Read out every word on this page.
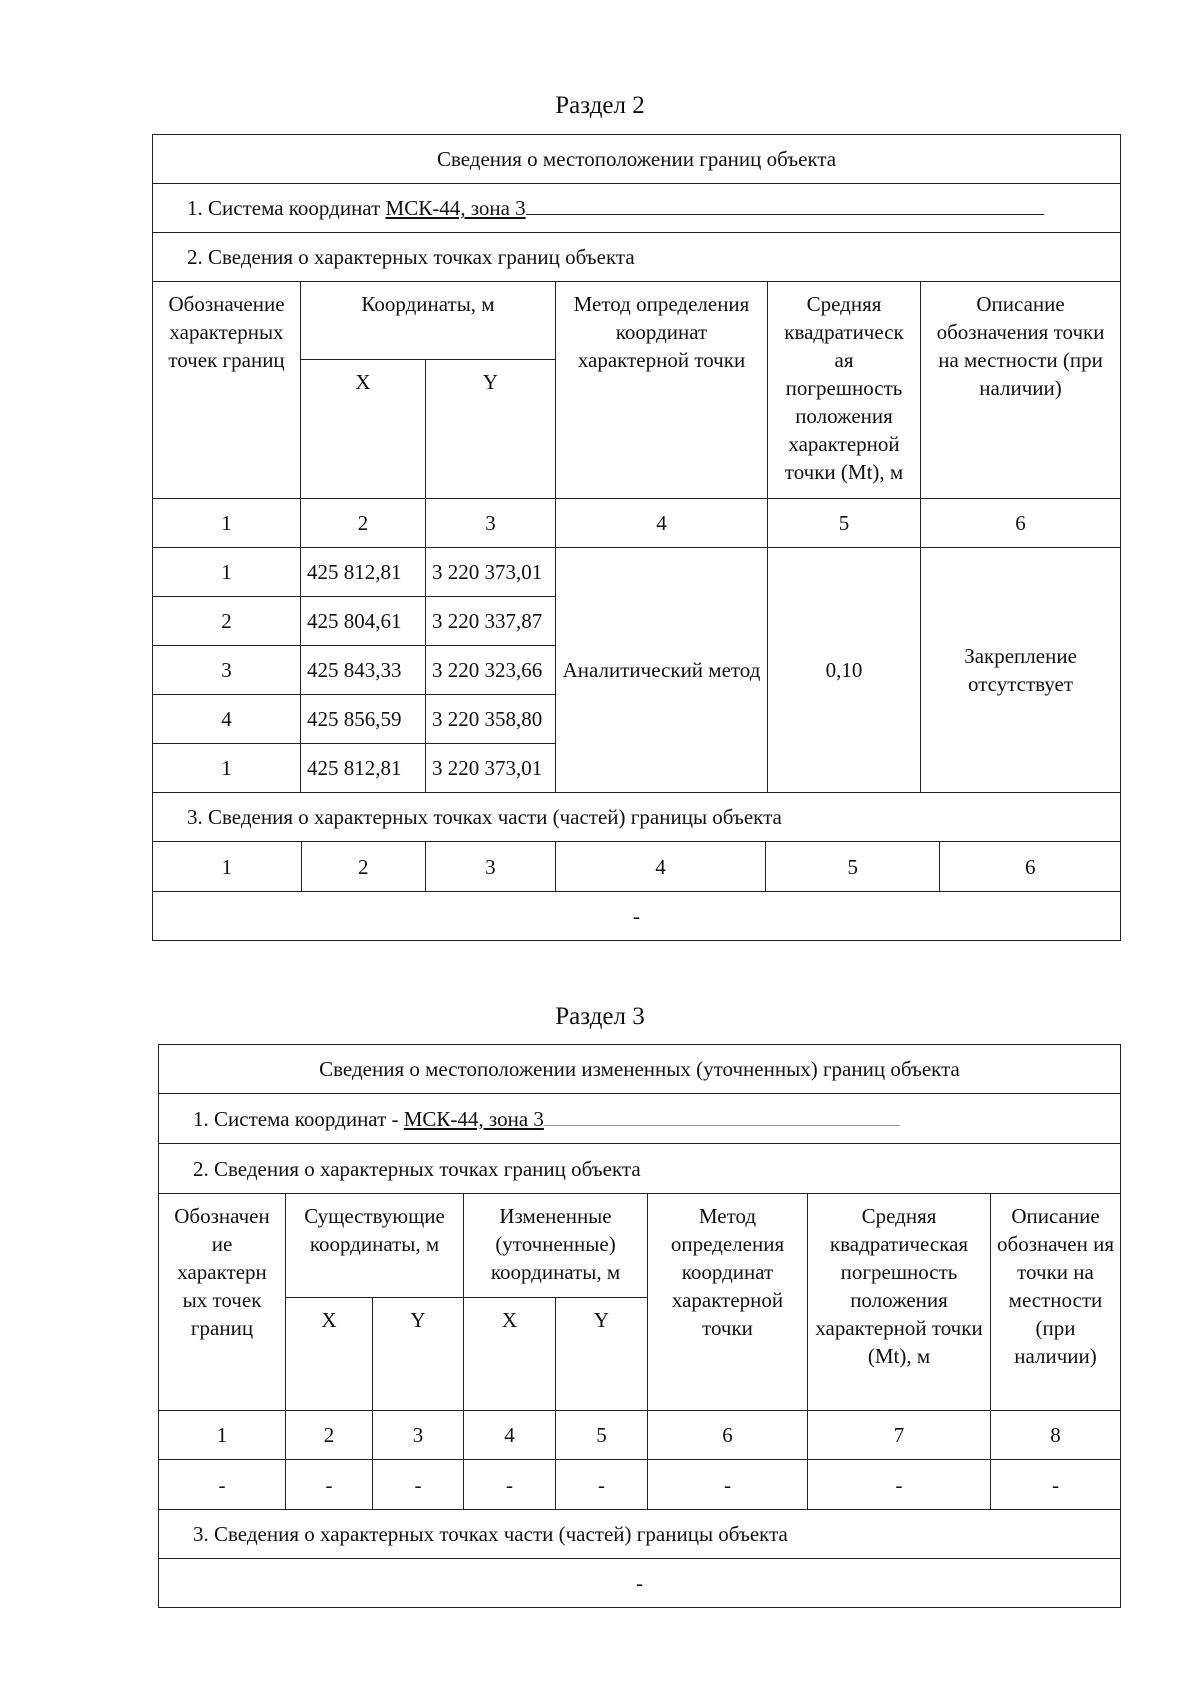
Раздел 2
Сведения о местоположении границ объекта
1. Система координат МСК-44, зона 3
2. Сведения о характерных точках границ объекта
Обозначение характерных точек границ	Координаты, м	Метод определения координат характерной точки	Средняя квадратическ ая погрешность положения характерной точки (Mt), м	Описание обозначения точки на местности (при наличии)
X	Y
1	2	3	4	5	6
1	425 812,81	3 220 373,01	Аналитический метод	0,10	Закрепление отсутствует
2	425 804,61	3 220 337,87
3	425 843,33	3 220 323,66
4	425 856,59	3 220 358,80
1	425 812,81	3 220 373,01
3. Сведения о характерных точках части (частей) границы объекта

1	2	3	4	5	6

-
Раздел 3
Сведения о местоположении измененных (уточненных) границ объекта							
1. Система координат - МСК-44, зона 3							
2. Сведения о характерных точках границ объекта							
Обозначен ие характерн ых точек границ	Существующие координаты, м		Измененные (уточненные) координаты, м		Метод определения координат характерной точки	Средняя квадратическая погрешность положения характерной точки (Mt), м	Описание обозначен ия точки на местности (при наличии)
	X	Y	X	Y			
1	2	3	4	5	6	7	8
-	-	-	-	-	-	-	-
3. Сведения о характерных точках части (частей) границы объекта							
-							
